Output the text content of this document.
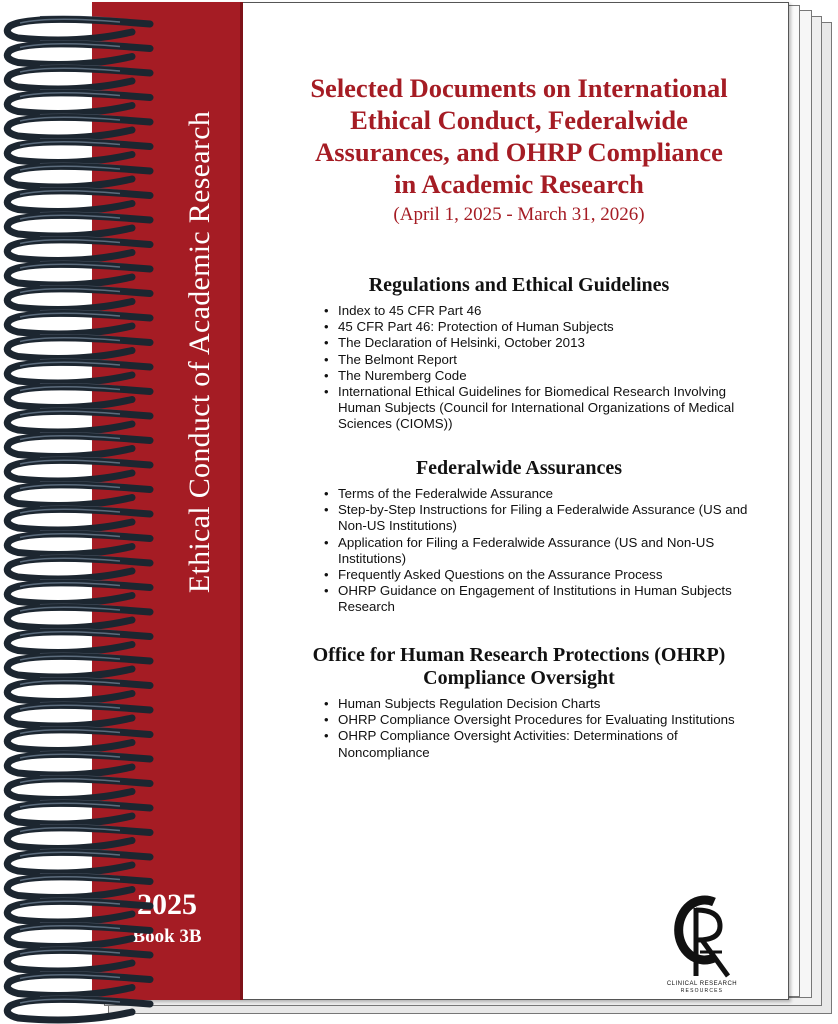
Ethical Conduct of Academic Research
2025
Book 3B
Selected Documents on International
Ethical Conduct, Federalwide
Assurances, and OHRP Compliance
in Academic Research
(April 1, 2025 - March 31, 2026)
Regulations and Ethical Guidelines
• Index to 45 CFR Part 46
• 45 CFR Part 46: Protection of Human Subjects
• The Declaration of Helsinki, October 2013
• The Belmont Report
• The Nuremberg Code
• International Ethical Guidelines for Biomedical Research Involving Human Subjects (Council for International Organizations of Medical Sciences (CIOMS))
Federalwide Assurances
• Terms of the Federalwide Assurance
• Step-by-Step Instructions for Filing a Federalwide Assurance (US and Non-US Institutions)
• Application for Filing a Federalwide Assurance (US and Non-US Institutions)
• Frequently Asked Questions on the Assurance Process
• OHRP Guidance on Engagement of Institutions in Human Subjects Research
Office for Human Research Protections (OHRP)
Compliance Oversight
• Human Subjects Regulation Decision Charts
• OHRP Compliance Oversight Procedures for Evaluating Institutions
• OHRP Compliance Oversight Activities: Determinations of Noncompliance
CLINICAL RESEARCH
RESOURCES
